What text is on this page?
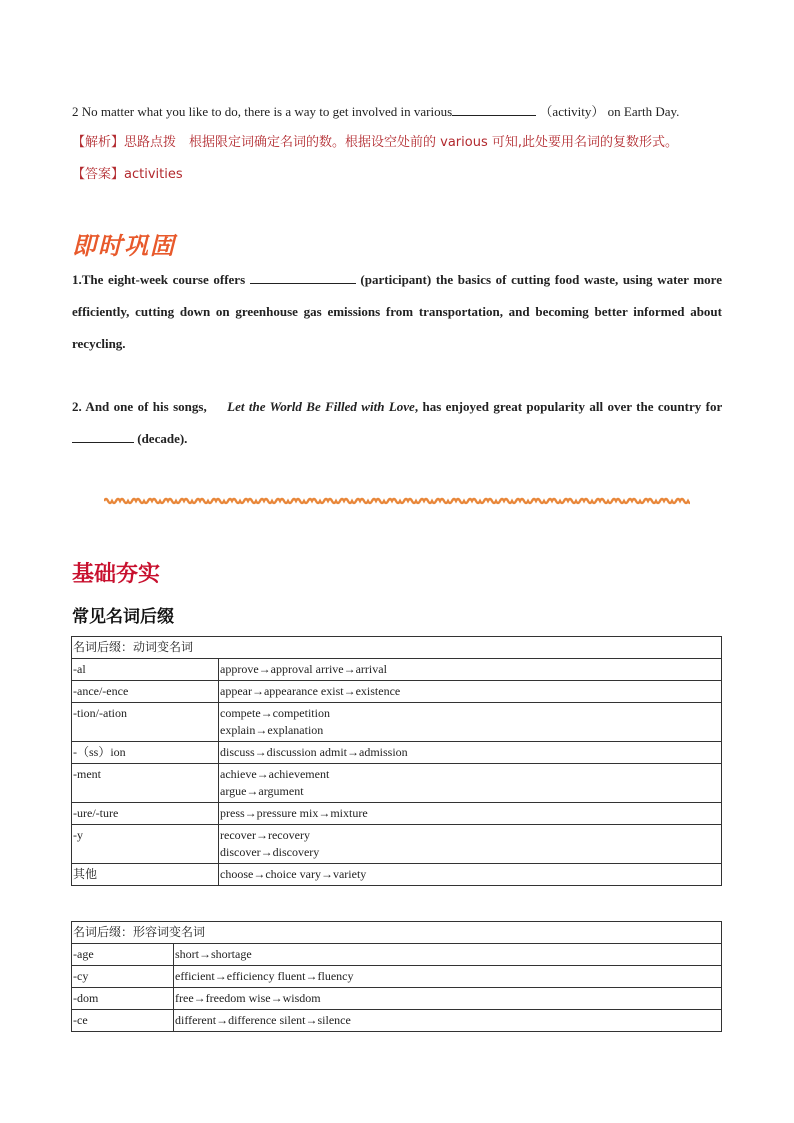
2 No matter what you like to do, there is a way to get involved in various	（activity） on Earth Day.
【解析】思路点拨　根据限定词确定名词的数。根据设空处前的 various 可知,此处要用名词的复数形式。
【答案】activities
即时巩固
1.The eight-week course offers	(participant) the basics of cutting food waste, using water more efficiently, cutting down on greenhouse gas emissions from transportation, and becoming better informed about recycling.
2. And one of his songs, Let the World Be Filled with Love, has enjoyed great popularity all over the country for  (decade).
基础夯实
常见名词后缀
名词后缀：动词变名词	
-al	approve→approval arrive→arrival

-ance/-ence	appear→appearance exist→existence

-tion/-ation	compete→competition
explain→explanation

-（ss）ion	discuss→discussion admit→admission

-ment	achieve→achievement
argue→argument

-ure/-ture	press→pressure mix→mixture

-y	recover→recovery
discover→discovery

其他	choose→choice vary→variety
名词后缀：形容词变名词	
-age	short→shortage

-cy	efficient→efficiency fluent→fluency

-dom	free→freedom wise→wisdom

-ce	different→difference silent→silence
